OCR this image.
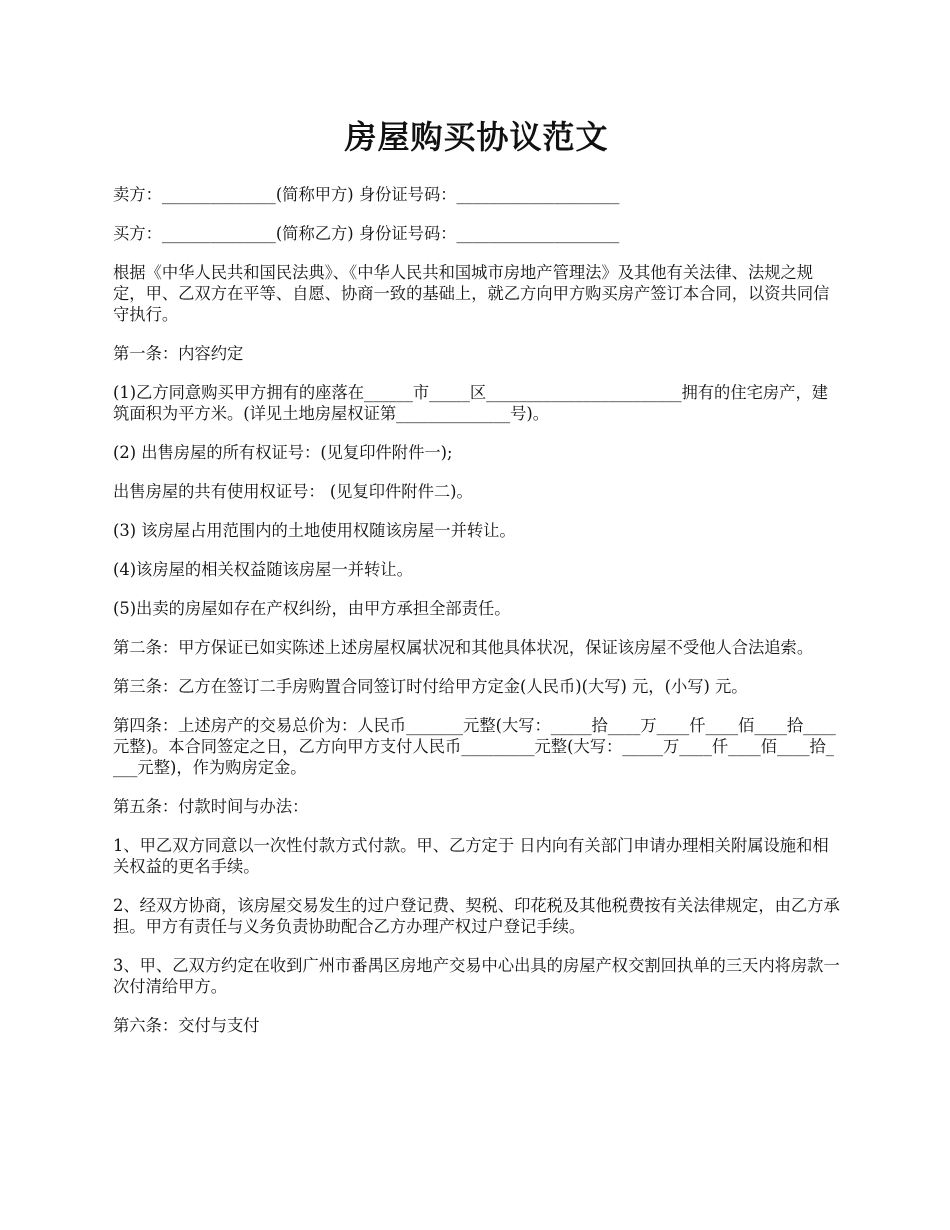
房屋购买协议范文

卖方：______________(简称甲方) 身份证号码：____________________

买方：______________(简称乙方) 身份证号码：____________________

根据《中华人民共和国民法典》、《中华人民共和国城市房地产管理法》及其他有关法律、法规之规定，甲、乙双方在平等、自愿、协商一致的基础上，就乙方向甲方购买房产签订本合同，以资共同信守执行。

第一条：内容约定

(1)乙方同意购买甲方拥有的座落在______市_____区________________________拥有的住宅房产，建筑面积为平方米。(详见土地房屋权证第______________号)。

(2) 出售房屋的所有权证号：(见复印件附件一);

出售房屋的共有使用权证号： (见复印件附件二)。

(3) 该房屋占用范围内的土地使用权随该房屋一并转让。

(4)该房屋的相关权益随该房屋一并转让。

(5)出卖的房屋如存在产权纠纷，由甲方承担全部责任。

第二条：甲方保证已如实陈述上述房屋权属状况和其他具体状况，保证该房屋不受他人合法追索。

第三条：乙方在签订二手房购置合同签订时付给甲方定金(人民币)(大写) 元，(小写) 元。

第四条：上述房产的交易总价为：人民币_______元整(大写：_____拾____万____仟____佰____拾____元整)。本合同签定之日，乙方向甲方支付人民币_________元整(大写：_____万____仟____佰____拾____元整)，作为购房定金。

第五条：付款时间与办法：

1、甲乙双方同意以一次性付款方式付款。甲、乙方定于 日内向有关部门申请办理相关附属设施和相关权益的更名手续。

2、经双方协商，该房屋交易发生的过户登记费、契税、印花税及其他税费按有关法律规定，由乙方承担。甲方有责任与义务负责协助配合乙方办理产权过户登记手续。

3、甲、乙双方约定在收到广州市番禺区房地产交易中心出具的房屋产权交割回执单的三天内将房款一次付清给甲方。

第六条：交付与支付
